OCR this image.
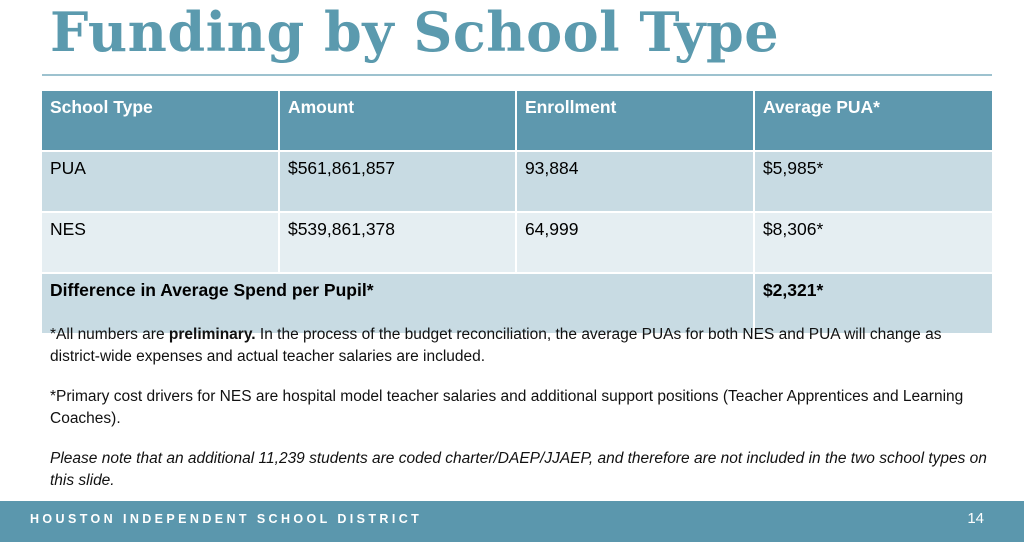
Funding by School Type
School Type	Amount	Enrollment	Average PUA*
PUA	$561,861,857	93,884	$5,985*
NES	$539,861,378	64,999	$8,306*
Difference in Average Spend per Pupil*			$2,321*

*All numbers are preliminary. In the process of the budget reconciliation, the average PUAs for both NES and PUA will change as district-wide expenses and actual teacher salaries are included.

*Primary cost drivers for NES are hospital model teacher salaries and additional support positions (Teacher Apprentices and Learning Coaches).

Please note that an additional 11,239 students are coded charter/DAEP/JJAEP, and therefore are not included in the two school types on this slide.

HOUSTON INDEPENDENT SCHOOL DISTRICT	14
